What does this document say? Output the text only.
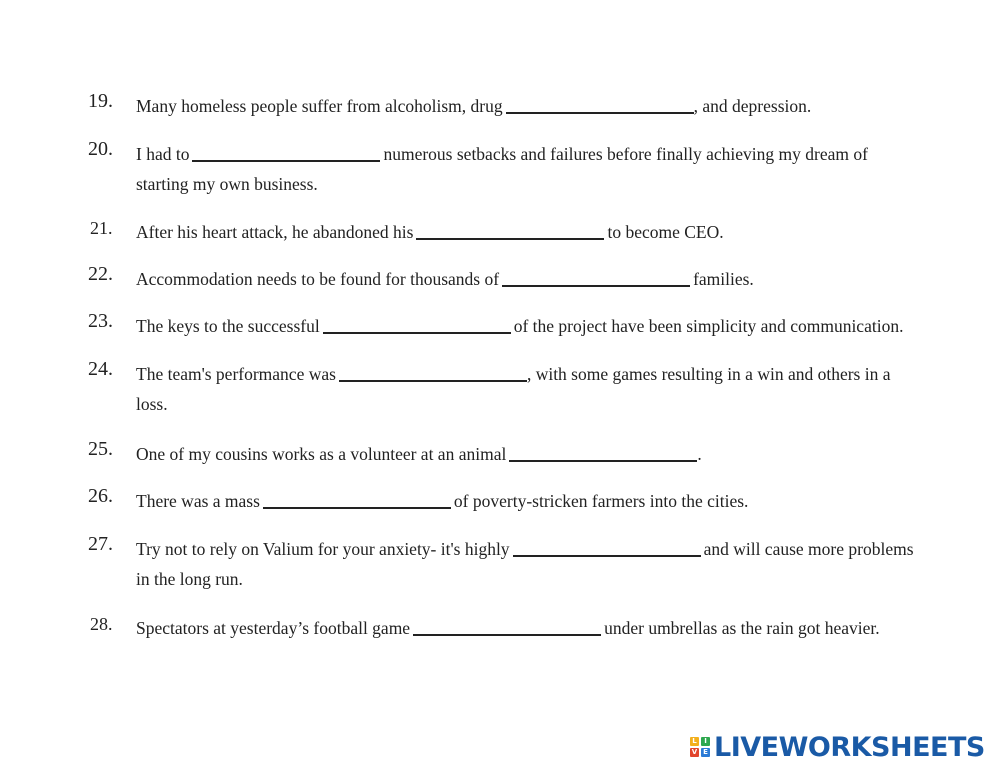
19. Many homeless people suffer from alcoholism, drug	, and depression.
20. I had to	numerous setbacks and failures before finally achieving my dream of
starting my own business.
21. After his heart attack, he abandoned his	to become CEO.
22. Accommodation needs to be found for thousands of	families.
23. The keys to the successful	of the project have been simplicity and communication.
24. The team's performance was	, with some games resulting in a win and others in a
loss.
25. One of my cousins works as a volunteer at an animal	.
26. There was a mass	of poverty-stricken farmers into the cities.
27. Try not to rely on Valium for your anxiety- it's highly	and will cause more problems
in the long run.
28. Spectators at yesterday’s football game	under umbrellas as the rain got heavier.
L	I
V E LIVEWORKSHEETS
